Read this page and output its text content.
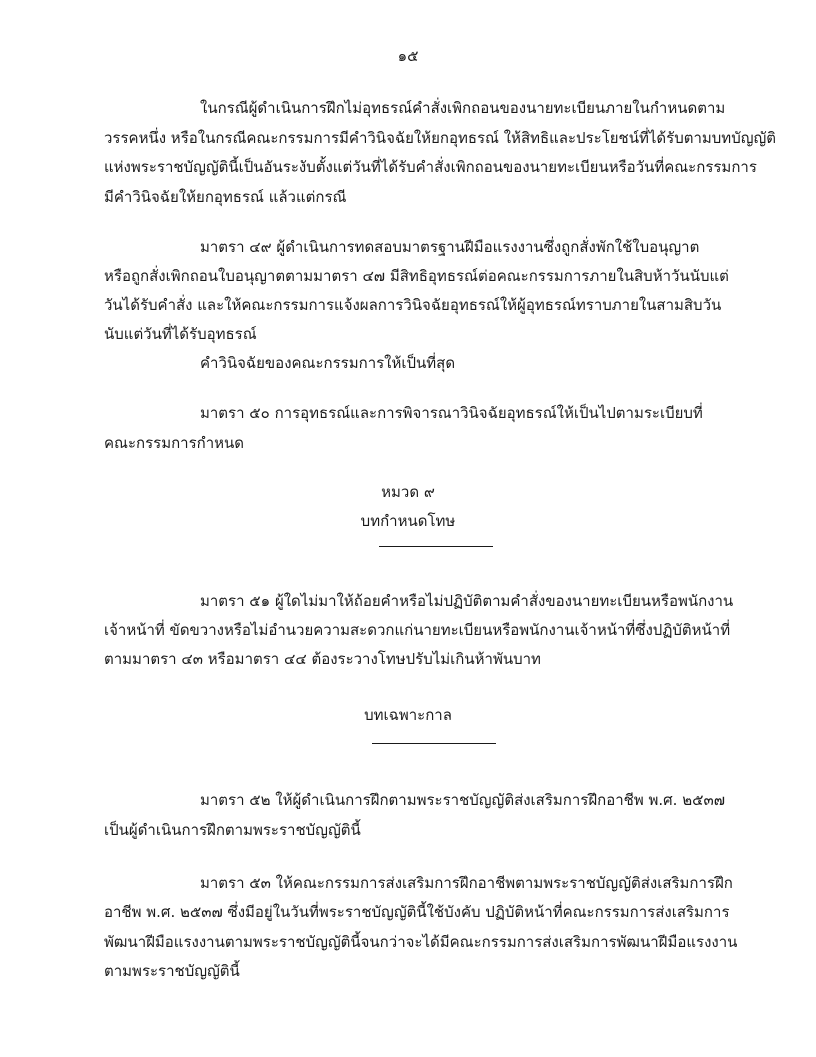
๑๕
ในกรณีผู้ดำเนินการฝึกไม่อุทธรณ์คำสั่งเพิกถอนของนายทะเบียนภายในกำหนดตาม
วรรคหนึ่ง หรือในกรณีคณะกรรมการมีคำวินิจฉัยให้ยกอุทธรณ์ ให้สิทธิและประโยชน์ที่ได้รับตามบทบัญญัติ
แห่งพระราชบัญญัตินี้เป็นอันระงับตั้งแต่วันที่ได้รับคำสั่งเพิกถอนของนายทะเบียนหรือวันที่คณะกรรมการ
มีคำวินิจฉัยให้ยกอุทธรณ์ แล้วแต่กรณี
มาตรา ๔๙ ผู้ดำเนินการทดสอบมาตรฐานฝีมือแรงงานซึ่งถูกสั่งพักใช้ใบอนุญาต
หรือถูกสั่งเพิกถอนใบอนุญาตตามมาตรา ๔๗ มีสิทธิอุทธรณ์ต่อคณะกรรมการภายในสิบห้าวันนับแต่
วันได้รับคำสั่ง และให้คณะกรรมการแจ้งผลการวินิจฉัยอุทธรณ์ให้ผู้อุทธรณ์ทราบภายในสามสิบวัน
นับแต่วันที่ได้รับอุทธรณ์
คำวินิจฉัยของคณะกรรมการให้เป็นที่สุด
มาตรา ๕๐ การอุทธรณ์และการพิจารณาวินิจฉัยอุทธรณ์ให้เป็นไปตามระเบียบที่
คณะกรรมการกำหนด
หมวด ๙
บทกำหนดโทษ
มาตรา ๕๑ ผู้ใดไม่มาให้ถ้อยคำหรือไม่ปฏิบัติตามคำสั่งของนายทะเบียนหรือพนักงาน
เจ้าหน้าที่ ขัดขวางหรือไม่อำนวยความสะดวกแก่นายทะเบียนหรือพนักงานเจ้าหน้าที่ซึ่งปฏิบัติหน้าที่
ตามมาตรา ๔๓ หรือมาตรา ๔๔ ต้องระวางโทษปรับไม่เกินห้าพันบาท
บทเฉพาะกาล
มาตรา ๕๒ ให้ผู้ดำเนินการฝึกตามพระราชบัญญัติส่งเสริมการฝึกอาชีพ พ.ศ. ๒๕๓๗
เป็นผู้ดำเนินการฝึกตามพระราชบัญญัตินี้
มาตรา ๕๓ ให้คณะกรรมการส่งเสริมการฝึกอาชีพตามพระราชบัญญัติส่งเสริมการฝึก
อาชีพ พ.ศ. ๒๕๓๗ ซึ่งมีอยู่ในวันที่พระราชบัญญัตินี้ใช้บังคับ ปฏิบัติหน้าที่คณะกรรมการส่งเสริมการ
พัฒนาฝีมือแรงงานตามพระราชบัญญัตินี้จนกว่าจะได้มีคณะกรรมการส่งเสริมการพัฒนาฝีมือแรงงาน
ตามพระราชบัญญัตินี้
